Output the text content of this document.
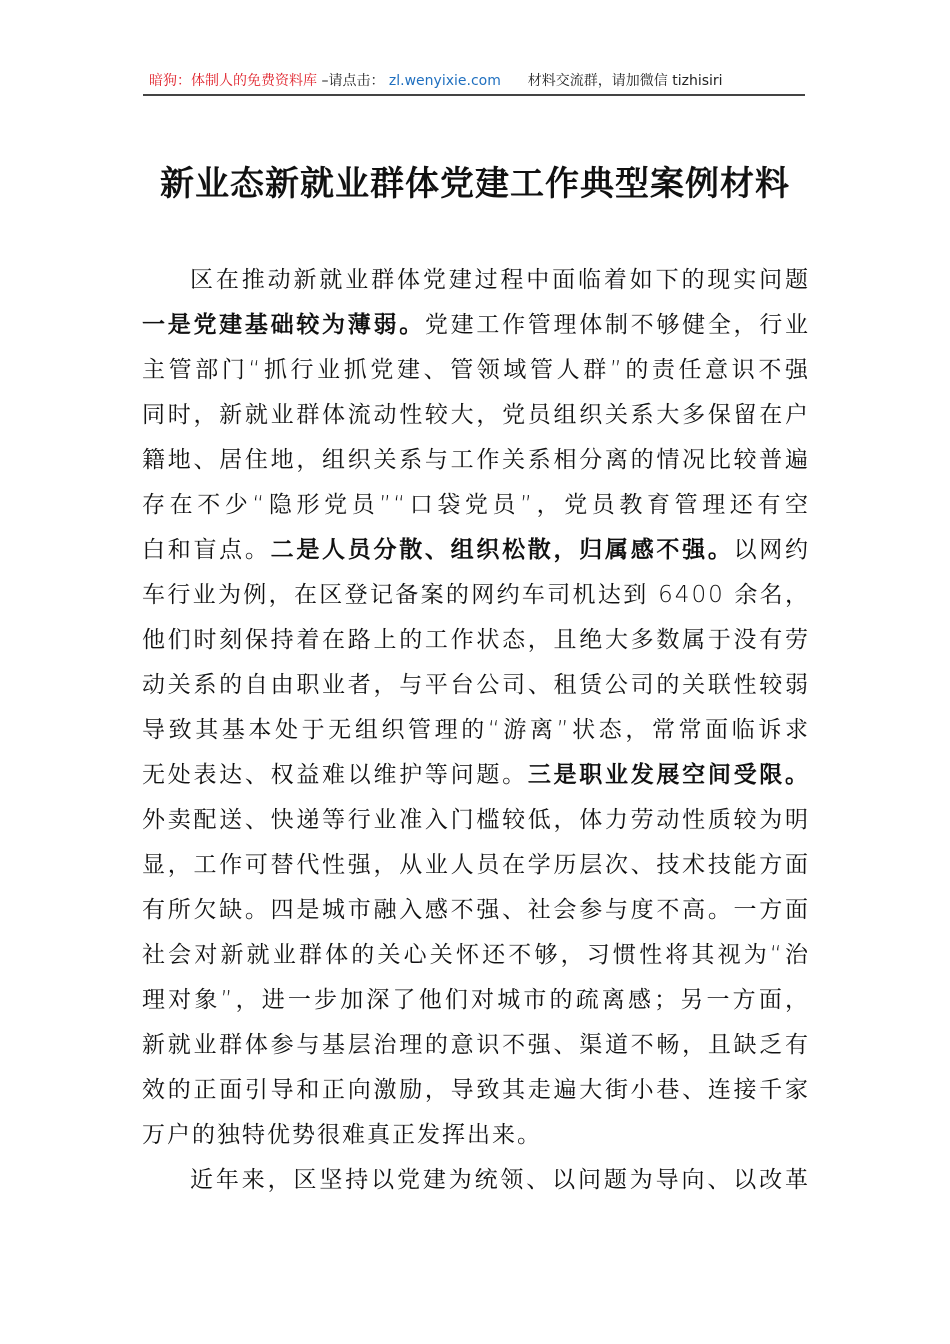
暗狗：体制人的免费资料库 –请点击： zl.wenyixie.com 材料交流群，请加微信 tizhisiri
新业态新就业群体党建工作典型案例材料
区在推动新就业群体党建过程中面临着如下的现实问题
一是党建基础较为薄弱。党建工作管理体制不够健全，行业
主管部门“抓行业抓党建、管领域管人群”的责任意识不强
同时，新就业群体流动性较大，党员组织关系大多保留在户
籍地、居住地，组织关系与工作关系相分离的情况比较普遍
存在不少“隐形党员”“口袋党员”，党员教育管理还有空
白和盲点。二是人员分散、组织松散，归属感不强。以网约
车行业为例，在区登记备案的网约车司机达到 6400 余名，
他们时刻保持着在路上的工作状态，且绝大多数属于没有劳
动关系的自由职业者，与平台公司、租赁公司的关联性较弱
导致其基本处于无组织管理的“游离”状态，常常面临诉求
无处表达、权益难以维护等问题。三是职业发展空间受限。
外卖配送、快递等行业准入门槛较低，体力劳动性质较为明
显，工作可替代性强，从业人员在学历层次、技术技能方面
有所欠缺。四是城市融入感不强、社会参与度不高。一方面
社会对新就业群体的关心关怀还不够，习惯性将其视为“治
理对象”，进一步加深了他们对城市的疏离感；另一方面，
新就业群体参与基层治理的意识不强、渠道不畅，且缺乏有
效的正面引导和正向激励，导致其走遍大街小巷、连接千家
万户的独特优势很难真正发挥出来。
近年来，区坚持以党建为统领、以问题为导向、以改革
